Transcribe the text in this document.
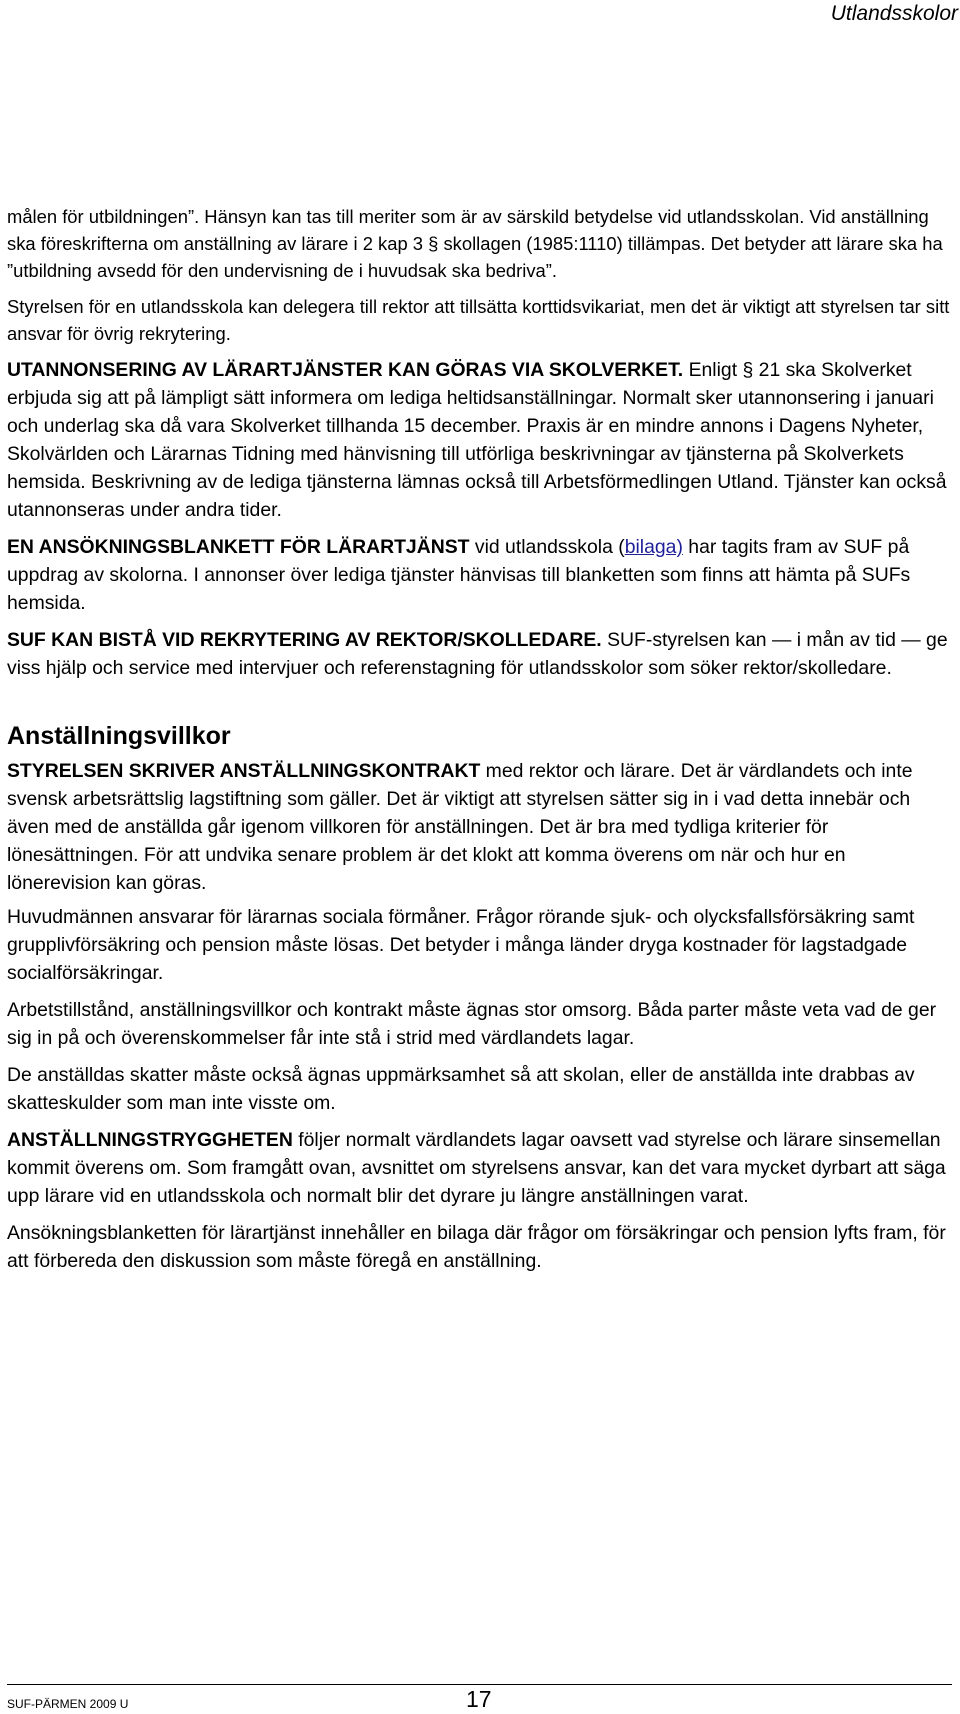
Utlandsskolor

målen för utbildningen”. Hänsyn kan tas till meriter som är av särskild betydelse vid utlandsskolan. Vid anställning ska föreskrifterna om anställning av lärare i 2 kap 3 § skollagen (1985:1110) tillämpas. Det betyder att lärare ska ha ”utbildning avsedd för den undervisning de i huvudsak ska bedriva”.

Styrelsen för en utlandsskola kan delegera till rektor att tillsätta korttidsvikariat, men det är viktigt att styrelsen tar sitt ansvar för övrig rekrytering.

UTANNONSERING AV LÄRARTJÄNSTER KAN GÖRAS VIA SKOLVERKET. Enligt § 21 ska Skolverket erbjuda sig att på lämpligt sätt informera om lediga heltidsanställningar. Normalt sker utannonsering i januari och underlag ska då vara Skolverket tillhanda 15 december. Praxis är en mindre annons i Dagens Nyheter, Skolvärlden och Lärarnas Tidning med hänvisning till utförliga beskrivningar av tjänsterna på Skolverkets hemsida. Beskrivning av de lediga tjänsterna lämnas också till Arbetsförmedlingen Utland. Tjänster kan också utannonseras under andra tider.

EN ANSÖKNINGSBLANKETT FÖR LÄRARTJÄNST vid utlandsskola (bilaga) har tagits fram av SUF på uppdrag av skolorna. I annonser över lediga tjänster hänvisas till blanketten som finns att hämta på SUFs hemsida.

SUF KAN BISTÅ VID REKRYTERING AV REKTOR/SKOLLEDARE. SUF-styrelsen kan — i mån av tid — ge viss hjälp och service med intervjuer och referenstagning för utlandsskolor som söker rektor/skolledare.

Anställningsvillkor

STYRELSEN SKRIVER ANSTÄLLNINGSKONTRAKT med rektor och lärare. Det är värdlandets och inte svensk arbetsrättslig lagstiftning som gäller. Det är viktigt att styrelsen sätter sig in i vad detta innebär och även med de anställda går igenom villkoren för anställningen. Det är bra med tydliga kriterier för lönesättningen. För att undvika senare problem är det klokt att komma överens om när och hur en lönerevision kan göras.

Huvudmännen ansvarar för lärarnas sociala förmåner. Frågor rörande sjuk- och olycksfallsförsäkring samt grupplivförsäkring och pension måste lösas. Det betyder i många länder dryga kostnader för lagstadgade socialförsäkringar.

Arbetstillstånd, anställningsvillkor och kontrakt måste ägnas stor omsorg. Båda parter måste veta vad de ger sig in på och överenskommelser får inte stå i strid med värdlandets lagar.

De anställdas skatter måste också ägnas uppmärksamhet så att skolan, eller de anställda inte drabbas av skatteskulder som man inte visste om.

ANSTÄLLNINGSTRYGGHETEN följer normalt värdlandets lagar oavsett vad styrelse och lärare sinsemellan kommit överens om. Som framgått ovan, avsnittet om styrelsens ansvar, kan det vara mycket dyrbart att säga upp lärare vid en utlandsskola och normalt blir det dyrare ju längre anställningen varat.

Ansökningsblanketten för lärartjänst innehåller en bilaga där frågor om försäkringar och pension lyfts fram, för att förbereda den diskussion som måste föregå en anställning.

SUF-PÄRMEN 2009 U	17
